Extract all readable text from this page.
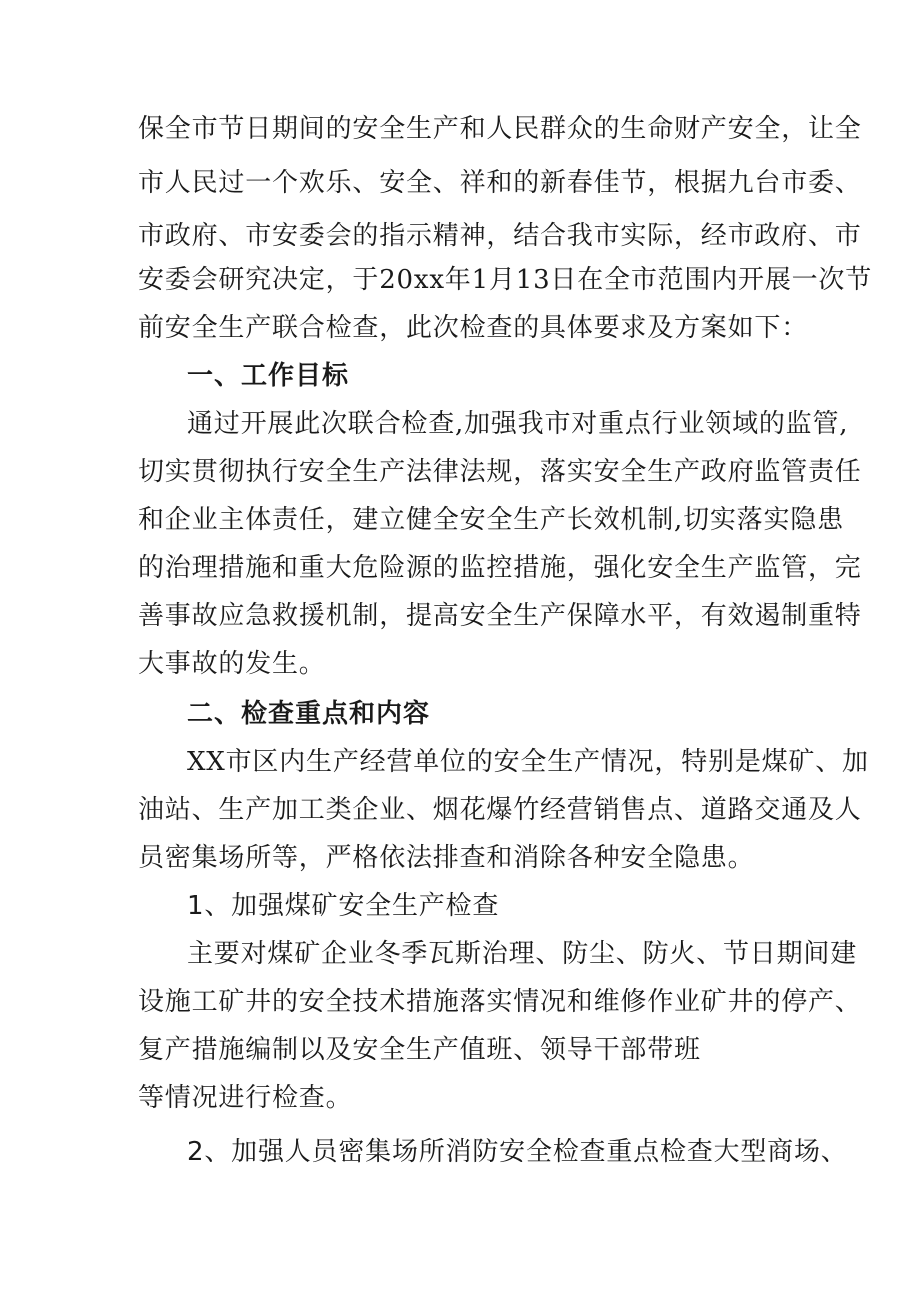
保全市节日期间的安全生产和人民群众的生命财产安全，让全
市人民过一个欢乐、安全、祥和的新春佳节，根据九台市委、
市政府、市安委会的指示精神，结合我市实际，经市政府、市
安委会研究决定，于20xx年1月13日在全市范围内开展一次节
前安全生产联合检查，此次检查的具体要求及方案如下：
一、工作目标
通过开展此次联合检查,加强我市对重点行业领域的监管,
切实贯彻执行安全生产法律法规，落实安全生产政府监管责任
和企业主体责任，建立健全安全生产长效机制,切实落实隐患
的治理措施和重大危险源的监控措施，强化安全生产监管，完
善事故应急救援机制，提高安全生产保障水平，有效遏制重特
大事故的发生。
二、检查重点和内容
XX市区内生产经营单位的安全生产情况，特别是煤矿、加
油站、生产加工类企业、烟花爆竹经营销售点、道路交通及人
员密集场所等，严格依法排查和消除各种安全隐患。
1、加强煤矿安全生产检查
主要对煤矿企业冬季瓦斯治理、防尘、防火、节日期间建
设施工矿井的安全技术措施落实情况和维修作业矿井的停产、
复产措施编制以及安全生产值班、领导干部带班
等情况进行检查。
2、加强人员密集场所消防安全检查重点检查大型商场、
